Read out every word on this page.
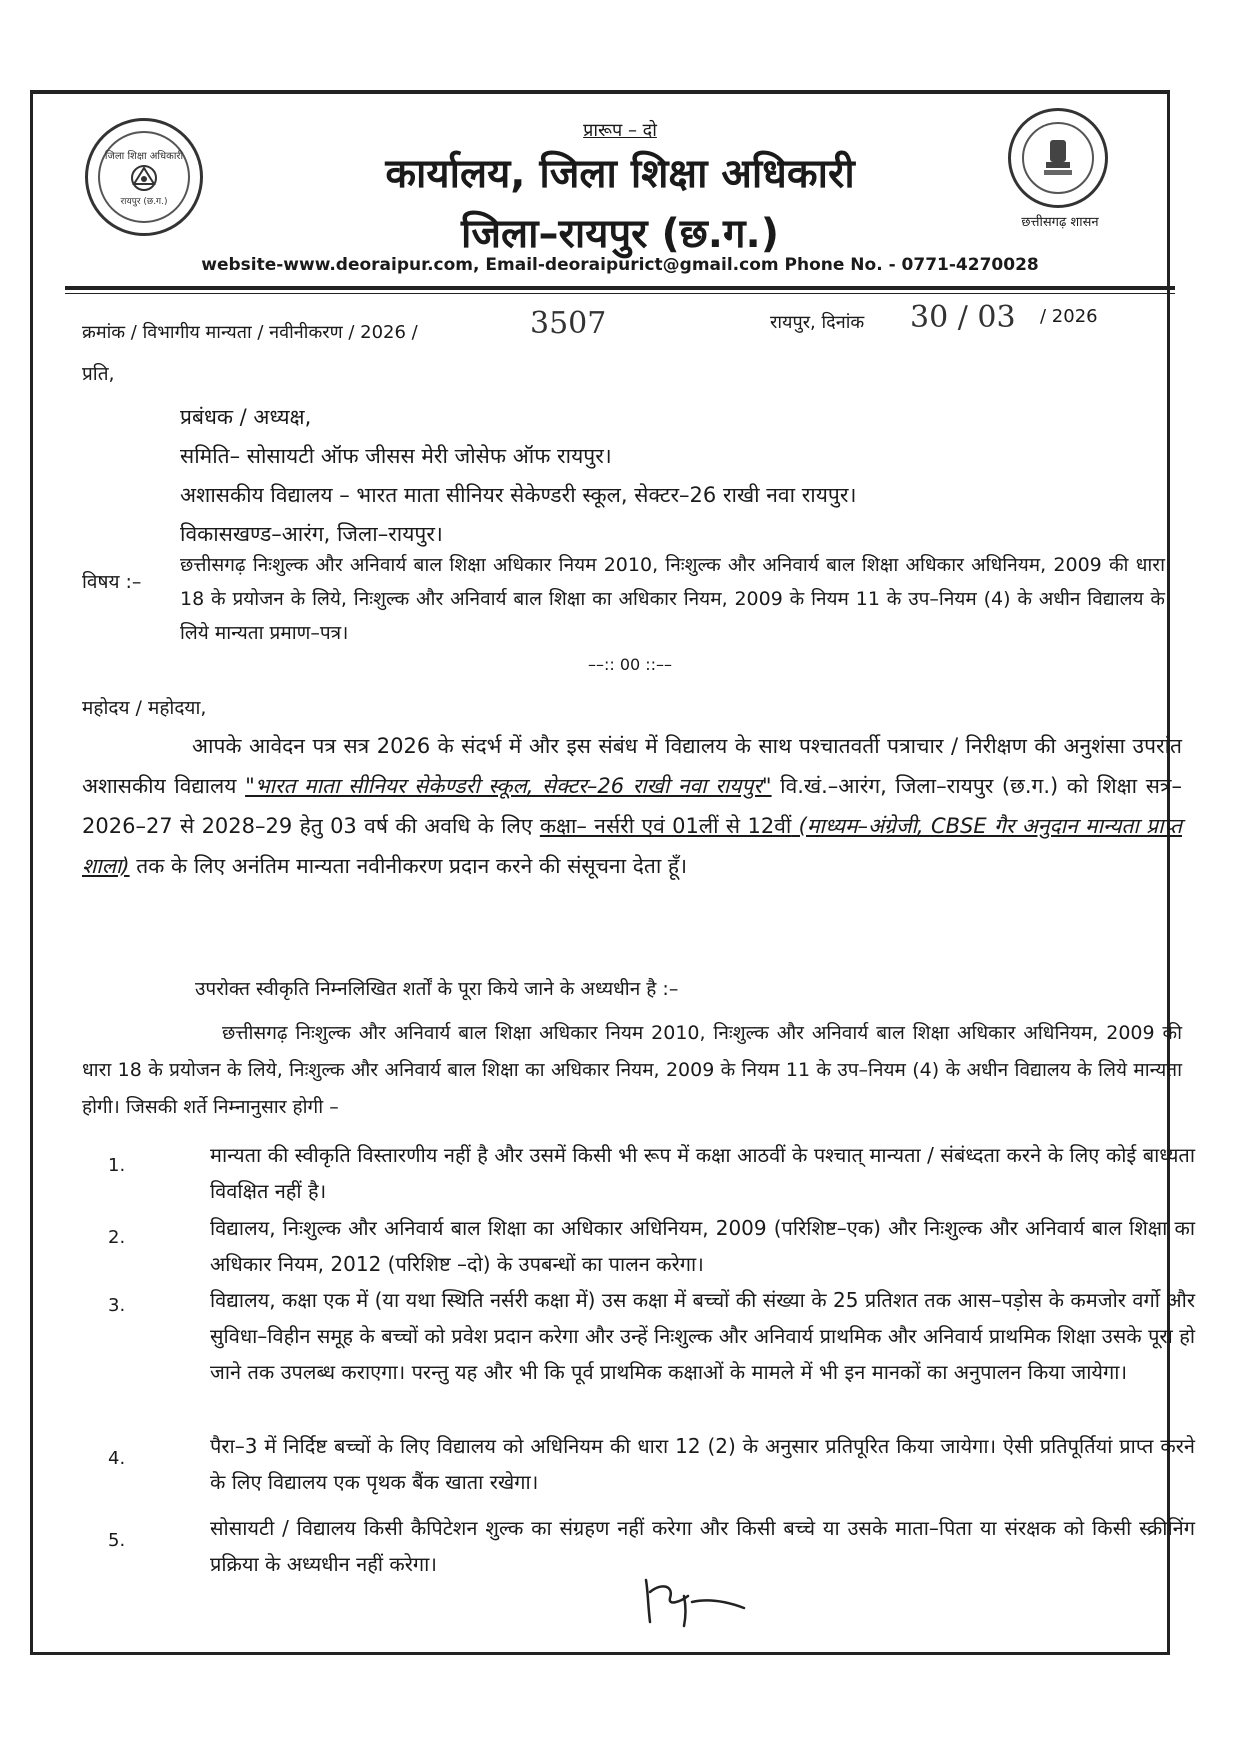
जिला शिक्षा अधिकारी
रायपुर (छ.ग.)
छत्तीसगढ़ शासन
प्रारूप – दो
कार्यालय, जिला शिक्षा अधिकारी
जिला–रायपुर (छ.ग.)
website-www.deoraipur.com, Email-deoraipurict@gmail.com Phone No. - 0771-4270028
क्रमांक / विभागीय मान्यता / नवीनीकरण / 2026 /	3507	रायपुर, दिनांक 30 / 03 / 2026
प्रति,
प्रबंधक / अध्यक्ष,
समिति– सोसायटी ऑफ जीसस मेरी जोसेफ ऑफ रायपुर।
अशासकीय विद्यालय – भारत माता सीनियर सेकेण्डरी स्कूल, सेक्टर–26 राखी नवा रायपुर।
विकासखण्ड–आरंग, जिला–रायपुर।
विषय :–
छत्तीसगढ़ निःशुल्क और अनिवार्य बाल शिक्षा अधिकार नियम 2010, निःशुल्क और अनिवार्य बाल शिक्षा अधिकार अधिनियम, 2009 की धारा 18 के प्रयोजन के लिये, निःशुल्क और अनिवार्य बाल शिक्षा का अधिकार नियम, 2009 के नियम 11 के उप–नियम (4) के अधीन विद्यालय के लिये मान्यता प्रमाण–पत्र।
––:: 00 ::––
महोदय / महोदया,
आपके आवेदन पत्र सत्र 2026 के संदर्भ में और इस संबंध में विद्यालय के साथ पश्चातवर्ती पत्राचार / निरीक्षण की अनुशंसा उपरांत अशासकीय विद्यालय "भारत माता सीनियर सेकेण्डरी स्कूल, सेक्टर–26 राखी नवा रायपुर" वि.खं.–आरंग, जिला–रायपुर (छ.ग.) को शिक्षा सत्र– 2026–27 से 2028–29 हेतु 03 वर्ष की अवधि के लिए कक्षा– नर्सरी एवं 01लीं से 12वीं (माध्यम–अंग्रेजी, CBSE गैर अनुदान मान्यता प्राप्त शाला) तक के लिए अनंतिम मान्यता नवीनीकरण प्रदान करने की संसूचना देता हूँ।
उपरोक्त स्वीकृति निम्नलिखित शर्तों के पूरा किये जाने के अध्यधीन है :–
छत्तीसगढ़ निःशुल्क और अनिवार्य बाल शिक्षा अधिकार नियम 2010, निःशुल्क और अनिवार्य बाल शिक्षा अधिकार अधिनियम, 2009 की धारा 18 के प्रयोजन के लिये, निःशुल्क और अनिवार्य बाल शिक्षा का अधिकार नियम, 2009 के नियम 11 के उप–नियम (4) के अधीन विद्यालय के लिये मान्यता होगी। जिसकी शर्ते निम्नानुसार होगी –
1.	मान्यता की स्वीकृति विस्तारणीय नहीं है और उसमें किसी भी रूप में कक्षा आठवीं के पश्चात् मान्यता / संबंध्दता करने के लिए कोई बाध्यता विवक्षित नहीं है।
2.	विद्यालय, निःशुल्क और अनिवार्य बाल शिक्षा का अधिकार अधिनियम, 2009 (परिशिष्ट–एक) और निःशुल्क और अनिवार्य बाल शिक्षा का अधिकार नियम, 2012 (परिशिष्ट –दो) के उपबन्धों का पालन करेगा।
3.	विद्यालय, कक्षा एक में (या यथा स्थिति नर्सरी कक्षा में) उस कक्षा में बच्चों की संख्या के 25 प्रतिशत तक आस–पड़ोस के कमजोर वर्गो और सुविधा–विहीन समूह के बच्चों को प्रवेश प्रदान करेगा और उन्हें निःशुल्क और अनिवार्य प्राथमिक और अनिवार्य प्राथमिक शिक्षा उसके पूरा हो जाने तक उपलब्ध कराएगा। परन्तु यह और भी कि पूर्व प्राथमिक कक्षाओं के मामले में भी इन मानकों का अनुपालन किया जायेगा।
4.
पैरा–3 में निर्दिष्ट बच्चों के लिए विद्यालय को अधिनियम की धारा 12 (2) के अनुसार प्रतिपूरित किया जायेगा। ऐसी प्रतिपूर्तियां प्राप्त करने के लिए विद्यालय एक पृथक बैंक खाता रखेगा।
5.
सोसायटी / विद्यालय किसी कैपिटेशन शुल्क का संग्रहण नहीं करेगा और किसी बच्चे या उसके माता–पिता या संरक्षक को किसी स्क्रीनिंग प्रक्रिया के अध्यधीन नहीं करेगा।
